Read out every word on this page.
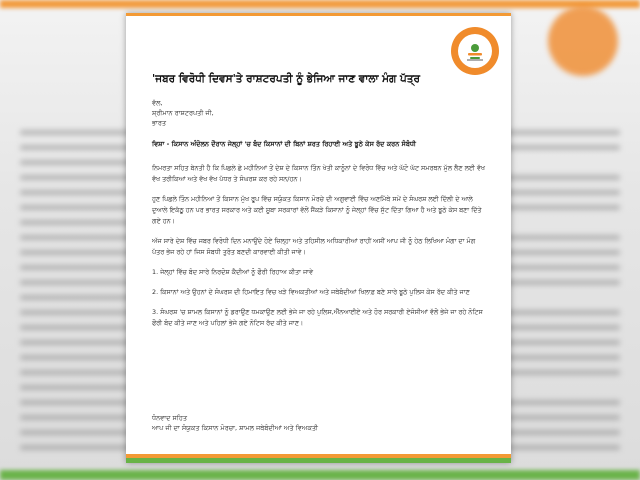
'ਜਬਰ ਵਿਰੋਧੀ ਦਿਵਸ'ਤੇ ਰਾਸ਼ਟਰਪਤੀ ਨੂੰ ਭੇਜਿਆ ਜਾਣ ਵਾਲਾ ਮੰਗ ਪੱਤ੍ਰ
ਵੱਲ,
ਸ਼੍ਰੀਮਾਨ ਰਾਸ਼ਟਰਪਤੀ ਜੀ,
ਭਾਰਤ
ਵਿਸ਼ਾ - ਕਿਸਾਨ ਅੰਦੋਲਨ ਦੌਰਾਨ ਜੇਲ੍ਹਾਂ 'ਚ ਬੰਦ ਕਿਸਾਨਾਂ ਦੀ ਬਿਨਾਂ ਸ਼ਰਤ ਰਿਹਾਈ ਅਤੇ ਝੂਠੇ ਕੇਸ ਰੱਦ ਕਰਨ ਸੰਬੰਧੀ
ਨਿਮਰਤਾ ਸਹਿਤ ਬੇਨਤੀ ਹੈ ਕਿ ਪਿਛਲੇ ਛੇ ਮਹੀਨਿਆਂ ਤੋਂ ਦੇਸ਼ ਦੇ ਕਿਸਾਨ ਤਿੰਨ ਖੇਤੀ ਕਾਨੂੰਨਾਂ ਦੇ ਵਿਰੋਧ ਵਿੱਚ ਅਤੇ ਘੱਟੋ ਘੱਟ ਸਮਰਥਨ ਮੁੱਲ ਲੈਣ ਲਈ ਵੱਖ ਵੱਖ ਤਰੀਕਿਆਂ ਅਤੇ ਵੱਖ ਵੱਖ ਪੱਧਰ ਤੇ ਸੰਘਰਸ਼ ਕਰ ਰਹੇ ਸਨ/ਹਨ।
ਹੁਣ ਪਿਛਲੇ ਤਿੰਨ ਮਹੀਨਿਆਂ ਤੋਂ ਕਿਸਾਨ ਮੁੱਖ ਰੂਪ ਵਿੱਚ ਸਯੁੰਕਤ ਕਿਸਾਨ ਮੋਰਚੇ ਦੀ ਅਗੁਵਾਈ ਵਿੱਚ ਅਣਮਿੱਥੇ ਸਮੇਂ ਦੇ ਸੰਘਰਸ਼ ਲਈ ਦਿੱਲੀ ਦੇ ਆਲੇ ਦੁਆਲੇ ਇਕੱਠੂ ਹਨ ਪਰ ਭਾਰਤ ਸਰਕਾਰ ਅਤੇ ਕਈ ਸੂਬਾ ਸਰਕਾਰਾਂ ਵੱਲੋਂ ਸੈਂਕੜੇ ਕਿਸਾਨਾਂ ਨੂੰ ਜੇਲ੍ਹਾਂ ਵਿੱਚ ਸੁੱਟ ਦਿੱਤਾ ਗਿਆ ਹੈ ਅਤੇ ਝੂਠੇ ਕੇਸ ਬਣਾ ਦਿੱਤੇ ਗਏ ਹਨ।
ਅੱਜ ਸਾਰੇ ਦੇਸ਼ ਵਿੱਚ ਜਬਰ ਵਿਰੋਧੀ ਦਿਨ ਮਨਾਉਂਦੇ ਹੋਏ ਜ਼ਿਲ੍ਹਾ ਅਤੇ ਤਹਿਸੀਲ ਅਧਿਕਾਰੀਆਂ ਰਾਹੀਂ ਅਸੀਂ ਆਪ ਜੀ ਨੂੰ ਹੇਠ ਲਿਖਿਆ ਮੰਗਾ ਦਾ ਮੰਗ ਪੱਤਰ ਭੇਜ ਰਹੇ ਹਾਂ ਜਿਸ ਸੰਬਧੀ ਤੁਰੰਤ ਬਣਦੀ ਕਾਰਵਾਈ ਕੀਤੀ ਜਾਵੇ।
1. ਜੇਲ੍ਹਾਂ ਵਿੱਚ ਬੰਦ ਸਾਰੇ ਨਿਰਦੋਸ਼ ਕੈਦੀਆਂ ਨੂੰ ਫੌਰੀ ਰਿਹਾਅ ਕੀਤਾ ਜਾਵੇ
2. ਕਿਸਾਨਾਂ ਅਤੇ ਉਹਨਾਂ ਦੇ ਸੰਘਰਸ਼ ਦੀ ਹਿਮਾਇਤ ਵਿਚ ਖੜੇ ਵਿਅਕਤੀਆਂ ਅਤੇ ਜਥੇਬੰਦੀਆਂ ਖਿਲਾਫ਼ ਬਣੇ ਸਾਰੇ ਝੂਠੇ ਪੁਲਿਸ ਕੇਸ ਰੱਦ ਕੀਤੇ ਜਾਣ
3. ਸੰਘਰਸ਼ 'ਚ ਸ਼ਾਮਲ ਕਿਸਾਨਾਂ ਨੂੰ ਡਰਾਉਣ ਧਮਕਾਉਣ ਲਈ ਭੇਜੇ ਜਾ ਰਹੇ ਪੁਲਿਸ,ਐੱਨਆਈਏ ਅਤੇ ਹੋਰ ਸਰਕਾਰੀ ਏਜੰਸੀਆਂ ਵੱਲੋਂ ਭੇਜੇ ਜਾ ਰਹੇ ਨੋਟਿਸ ਫੌਰੀ ਬੰਦ ਕੀਤੇ ਜਾਣ ਅਤੇ ਪਹਿਲਾਂ ਭੇਜੇ ਗਏ ਨੋਟਿਸ ਰੱਦ ਕੀਤੇ ਜਾਣ।
ਧੰਨਵਾਦ ਸਹਿਤ
ਆਪ ਜੀ ਦਾ ਸੰਯੁਕਤ ਕਿਸਾਨ ਮੋਰਚਾ, ਸ਼ਾਮਲ ਜਥੇਬੰਦੀਆਂ ਅਤੇ ਵਿਅਕਤੀ
